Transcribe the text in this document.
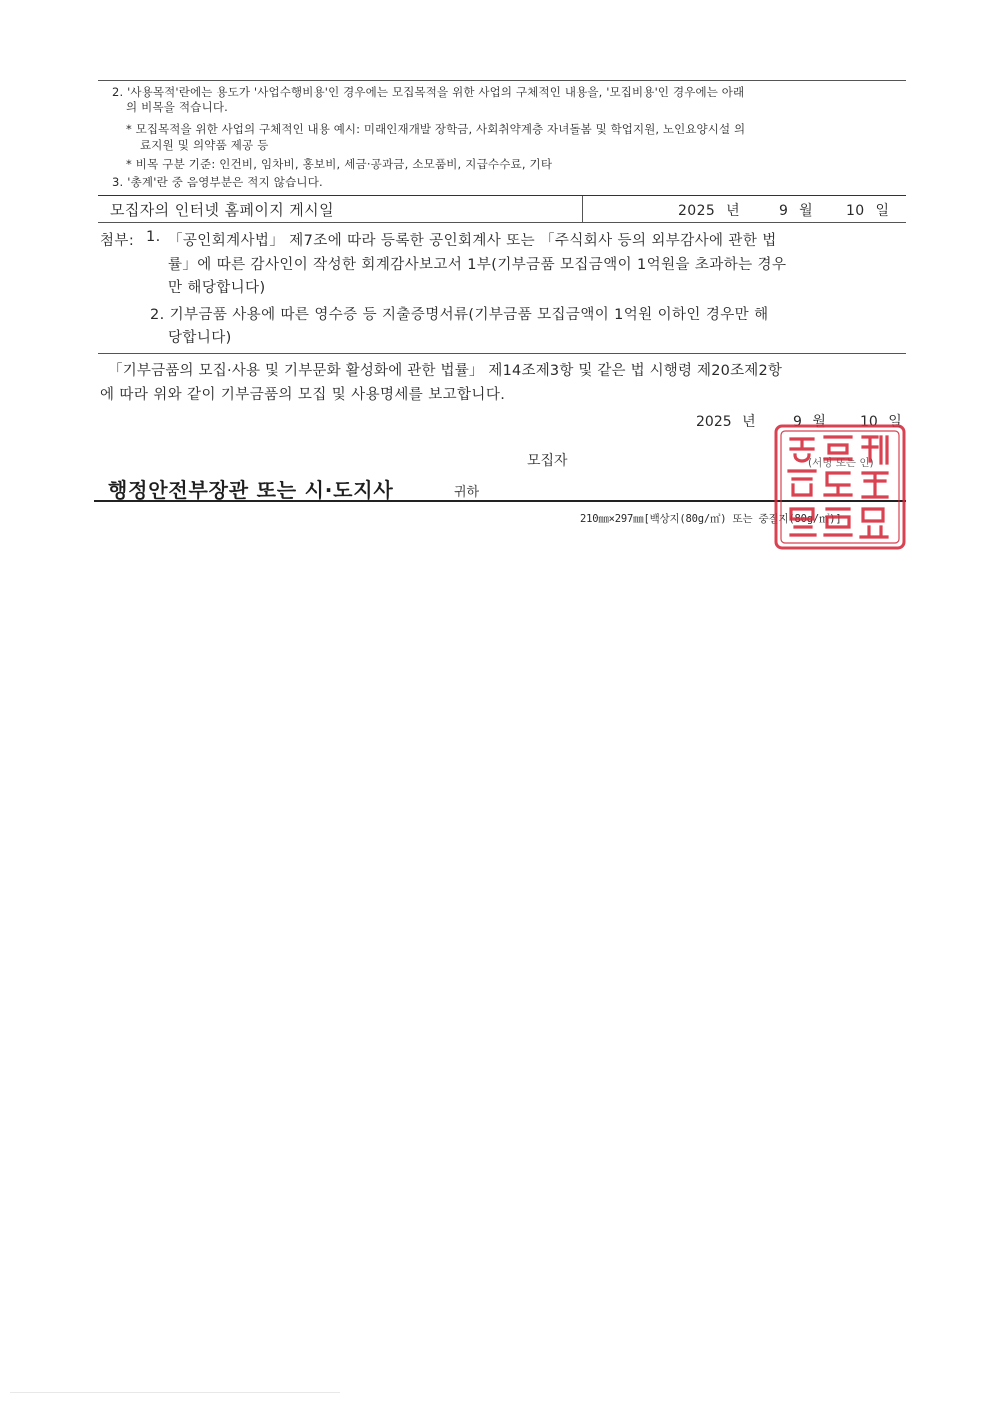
2. '사용목적'란에는 용도가 '사업수행비용'인 경우에는 모집목적을 위한 사업의 구체적인 내용을, '모집비용'인 경우에는 아래
의 비목을 적습니다.
* 모집목적을 위한 사업의 구체적인 내용 예시: 미래인재개발 장학금, 사회취약계층 자녀돌봄 및 학업지원, 노인요양시설 의
료지원 및 의약품 제공 등
* 비목 구분 기준: 인건비, 임차비, 홍보비, 세금·공과금, 소모품비, 지급수수료, 기타
3. '총계'란 중 음영부분은 적지 않습니다.
모집자의 인터넷 홈페이지 게시일	2025 년	9 월 10 일
첨부: 1. 「공인회계사법」 제7조에 따라 등록한 공인회계사 또는 「주식회사 등의 외부감사에 관한 법
률」에 따른 감사인이 작성한 회계감사보고서 1부(기부금품 모집금액이 1억원을 초과하는 경우
만 해당합니다)
2. 기부금품 사용에 따른 영수증 등 지출증명서류(기부금품 모집금액이 1억원 이하인 경우만 해
당합니다)
「기부금품의 모집·사용 및 기부문화 활성화에 관한 법률」 제14조제3항 및 같은 법 시행령 제20조제2항
에 따라 위와 같이 기부금품의 모집 및 사용명세를 보고합니다.
2025 년	9 월 10 일
모집자	(서명 또는 인)
행정안전부장관 또는 시·도지사	귀하
210㎜×297㎜[백상지(80g/㎡) 또는 중질지(80g/㎡)]
